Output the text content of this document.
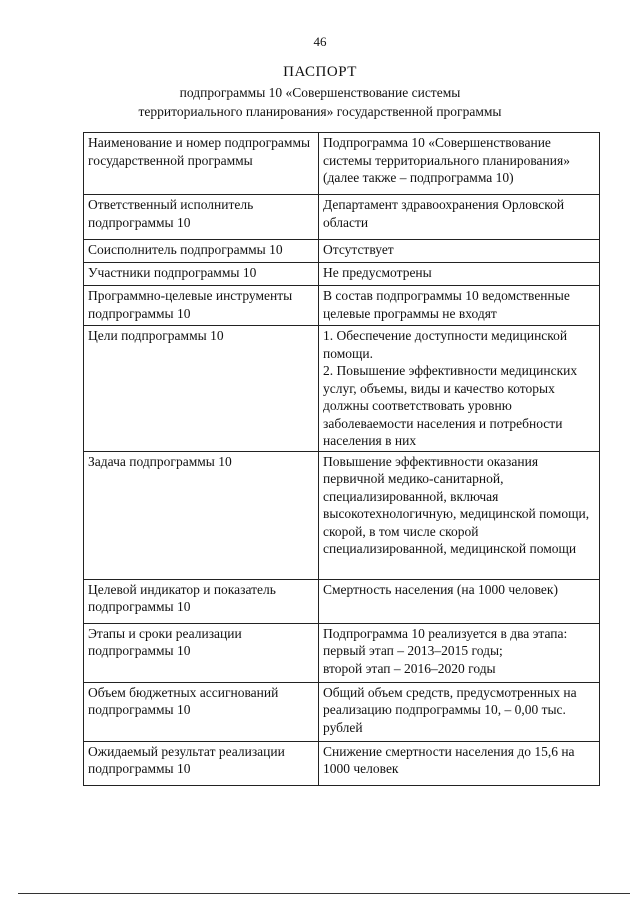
46
ПАСПОРТ
подпрограммы 10 «Совершенствование системы
территориального планирования» государственной программы
Наименование и номер подпрограммы государственной программы	Подпрограмма 10 «Совершенствование системы территориального планирования» (далее также – подпрограмма 10)

Ответственный исполнитель подпрограммы 10	Департамент здравоохранения Орловской области

Соисполнитель подпрограммы 10	Отсутствует

Участники подпрограммы 10	Не предусмотрены

Программно-целевые инструменты подпрограммы 10	В состав подпрограммы 10 ведомственные целевые программы не входят

Цели подпрограммы 10	1. Обеспечение доступности медицинской помощи.
2. Повышение эффективности медицинских услуг, объемы, виды и качество которых должны соответствовать уровню заболеваемости населения и потребности населения в них

Задача подпрограммы 10	Повышение эффективности оказания первичной медико-санитарной, специализированной, включая высокотехнологичную, медицинской помощи, скорой, в том числе скорой специализированной, медицинской помощи

Целевой индикатор и показатель подпрограммы 10	Смертность населения (на 1000 человек)

Этапы и сроки реализации подпрограммы 10	Подпрограмма 10 реализуется в два этапа:
первый этап – 2013–2015 годы;
второй этап – 2016–2020 годы

Объем бюджетных ассигнований подпрограммы 10	Общий объем средств, предусмотренных на реализацию подпрограммы 10, – 0,00 тыс. рублей

Ожидаемый результат реализации подпрограммы 10	Снижение смертности населения до 15,6 на 1000 человек
